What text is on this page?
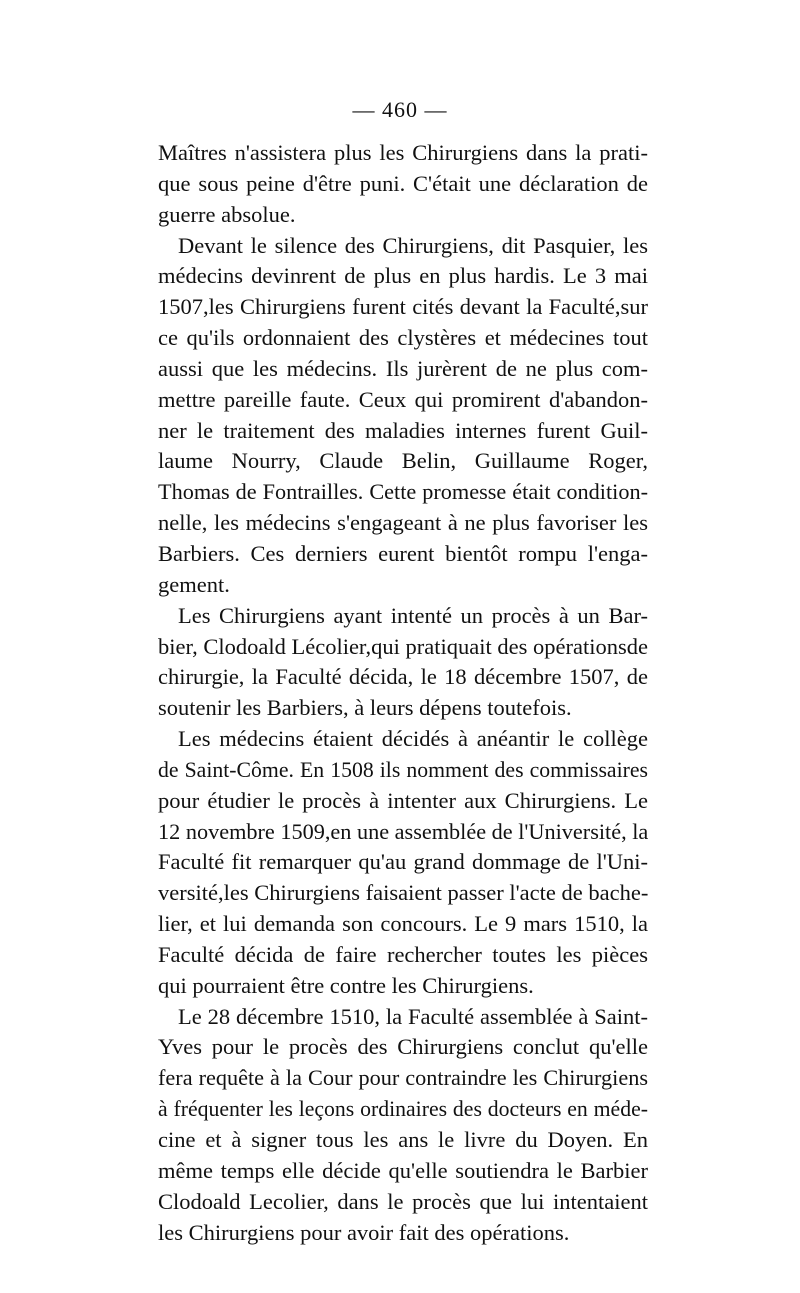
— 460 —
Maîtres n'assistera plus les Chirurgiens dans la prati-
que sous peine d'être puni. C'était une déclaration de
guerre absolue.
Devant le silence des Chirurgiens, dit Pasquier, les
médecins devinrent de plus en plus hardis. Le 3 mai
1507,les Chirurgiens furent cités devant la Faculté,sur
ce qu'ils ordonnaient des clystères et médecines tout
aussi que les médecins. Ils jurèrent de ne plus com-
mettre pareille faute. Ceux qui promirent d'abandon-
ner le traitement des maladies internes furent Guil-
laume Nourry, Claude Belin, Guillaume Roger,
Thomas de Fontrailles. Cette promesse était condition-
nelle, les médecins s'engageant à ne plus favoriser les
Barbiers. Ces derniers eurent bientôt rompu l'enga-
gement.
Les Chirurgiens ayant intenté un procès à un Bar-
bier, Clodoald Lécolier,qui pratiquait des opérationsde
chirurgie, la Faculté décida, le 18 décembre 1507, de
soutenir les Barbiers, à leurs dépens toutefois.
Les médecins étaient décidés à anéantir le collège
de Saint-Côme. En 1508 ils nomment des commissaires
pour étudier le procès à intenter aux Chirurgiens. Le
12 novembre 1509,en une assemblée de l'Université, la
Faculté fit remarquer qu'au grand dommage de l'Uni-
versité,les Chirurgiens faisaient passer l'acte de bache-
lier, et lui demanda son concours. Le 9 mars 1510, la
Faculté décida de faire rechercher toutes les pièces
qui pourraient être contre les Chirurgiens.
Le 28 décembre 1510, la Faculté assemblée à Saint-
Yves pour le procès des Chirurgiens conclut qu'elle
fera requête à la Cour pour contraindre les Chirurgiens
à fréquenter les leçons ordinaires des docteurs en méde-
cine et à signer tous les ans le livre du Doyen. En
même temps elle décide qu'elle soutiendra le Barbier
Clodoald Lecolier, dans le procès que lui intentaient
les Chirurgiens pour avoir fait des opérations.
